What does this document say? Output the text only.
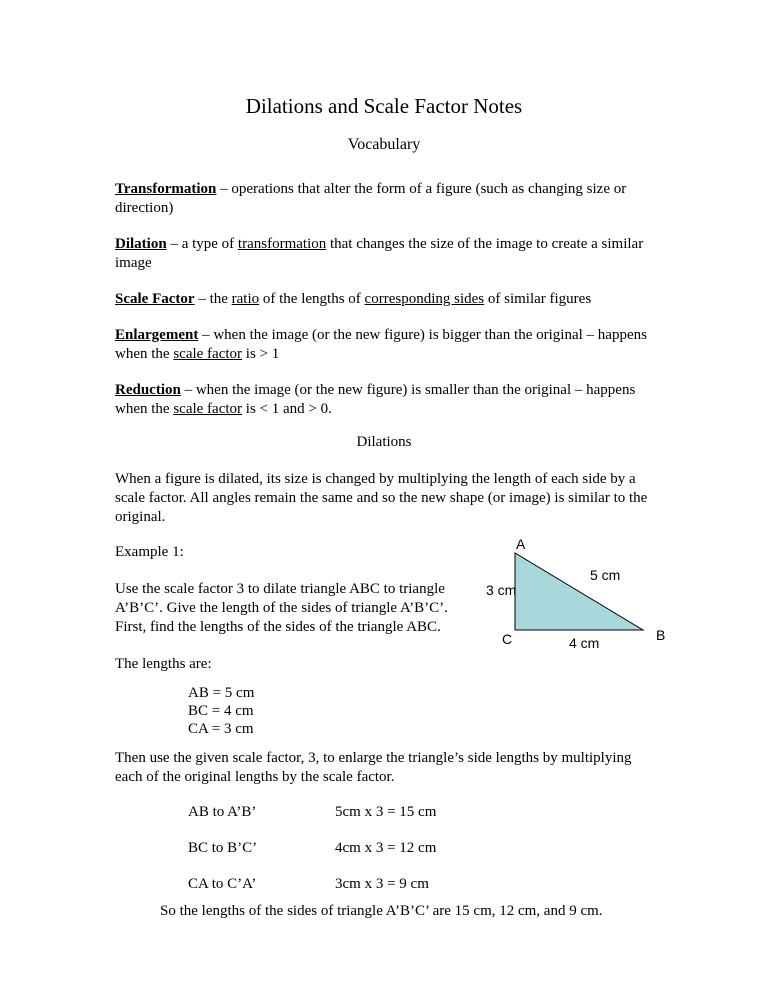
Dilations and Scale Factor Notes
Vocabulary
Transformation – operations that alter the form of a figure (such as changing size or direction)
Dilation – a type of transformation that changes the size of the image to create a similar image
Scale Factor – the ratio of the lengths of corresponding sides of similar figures
Enlargement – when the image (or the new figure) is bigger than the original – happens when the scale factor is > 1
Reduction – when the image (or the new figure) is smaller than the original – happens when the scale factor is < 1 and > 0.
Dilations
When a figure is dilated, its size is changed by multiplying the length of each side by a scale factor. All angles remain the same and so the new shape (or image) is similar to the original.
Example 1:
Use the scale factor 3 to dilate triangle ABC to triangle A’B’C’. Give the length of the sides of triangle A’B’C’.
First, find the lengths of the sides of the triangle ABC.
The lengths are:
AB = 5 cm
BC = 4 cm
CA = 3 cm
Then use the given scale factor, 3, to enlarge the triangle’s side lengths by multiplying each of the original lengths by the scale factor.
AB to A’B’	5cm x 3 = 15 cm
BC to B’C’	4cm x 3 = 12 cm
CA to C’A’	3cm x 3 = 9 cm
So the lengths of the sides of triangle A’B’C’ are 15 cm, 12 cm, and 9 cm.
A
C	B
5 cm
3 cm
4 cm
